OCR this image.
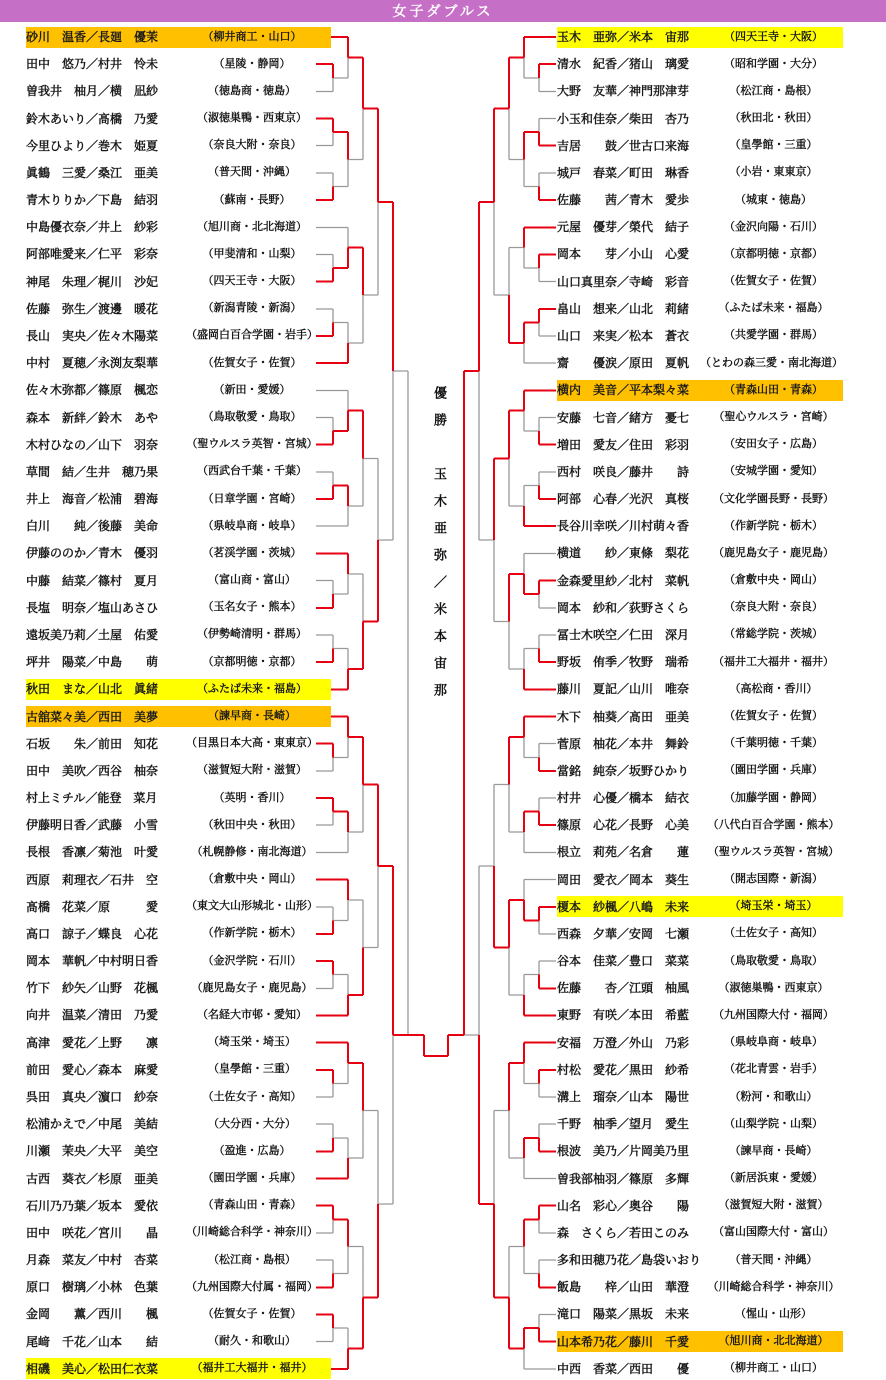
女子ダブルス
砂川　温香／長廻　優茉	（柳井商工・山口）
田中　悠乃／村井　怜未	（星陵・静岡）
曽我井　柚月／横　凪紗	（徳島商・徳島）
鈴木あいり／髙橋　乃愛	（淑徳巣鴨・西東京）
今里ひより／巻木　姫夏	（奈良大附・奈良）
眞鶴　三愛／桑江　亜美	（普天間・沖縄）
青木りりか／下島　結羽	（蘇南・長野）
中島優衣奈／井上　紗彩	（旭川商・北北海道）
阿部唯愛来／仁平　彩奈	（甲斐清和・山梨）
神尾　朱理／梶川　沙妃	（四天王寺・大阪）
佐藤　弥生／渡邊　暖花	（新潟青陵・新潟）
長山　実央／佐々木陽菜	（盛岡白百合学園・岩手）
中村　夏穂／永渕友梨華	（佐賀女子・佐賀）
佐々木弥都／篠原　楓恋	（新田・愛媛）
森本　新絆／鈴木　あや	（鳥取敬愛・鳥取）
木村ひなの／山下　羽奈	（聖ウルスラ英智・宮城）
草間　結／生井　穂乃果	（西武台千葉・千葉）
井上　海音／松浦　碧海	（日章学園・宮崎）
白川　　純／後藤　美命	（県岐阜商・岐阜）
伊藤ののか／青木　優羽	（茗渓学園・茨城）
中藤　結菜／篠村　夏月	（富山商・富山）
長塩　明奈／塩山あさひ	（玉名女子・熊本）
遠坂美乃莉／土屋　佑愛	（伊勢崎清明・群馬）
坪井　陽菜／中島　　萌	（京都明徳・京都）
秋田　まな／山北　眞緒	（ふたば未来・福島）
古舘菜々美／西田　美夢	（諫早商・長崎）
石坂　　朱／前田　知花	（目黒日本大高・東東京）
田中　美吹／西谷　柚奈	（滋賀短大附・滋賀）
村上ミチル／能登　菜月	（英明・香川）
伊藤明日香／武藤　小雪	（秋田中央・秋田）
長根　香凛／菊池　叶愛	（札幌静修・南北海道）
西原　莉理衣／石井　空	（倉敷中央・岡山）
髙橋　花菜／原　　　愛	（東文大山形城北・山形）
高口　諒子／蝶良　心花	（作新学院・栃木）
岡本　華帆／中村明日香	（金沢学院・石川）
竹下　紗矢／山野　花楓	（鹿児島女子・鹿児島）
向井　温菜／清田　乃愛	（名経大市邨・愛知）
高津　愛花／上野　　凛	（埼玉栄・埼玉）
前田　愛心／森本　麻愛	（皇學館・三重）
呉田　真央／濵口　紗奈	（土佐女子・高知）
松浦かえで／中尾　美結	（大分西・大分）
川瀬　茉央／大平　美空	（盈進・広島）
古西　葵衣／杉原　亜美	（園田学園・兵庫）
石川乃乃葉／坂本　愛依	（青森山田・青森）
田中　咲花／宮川　　晶	（川崎総合科学・神奈川）
月森　菜友／中村　杏菜	（松江商・島根）
原口　樹璃／小林　色葉	（九州国際大付属・福岡）
金岡　　薫／西川　　楓	（佐賀女子・佐賀）
尾﨑　千花／山本　　結	（耐久・和歌山）
相磯　美心／松田仁衣菜	（福井工大福井・福井）
玉木　亜弥／米本　宙那	（四天王寺・大阪）
清水　紀香／猪山　璃愛	（昭和学園・大分）
大野　友華／神門那津芽	（松江商・島根）
小玉和佳奈／柴田　杏乃	（秋田北・秋田）
吉居　　鼓／世古口来海	（皇學館・三重）
城戸　春菜／町田　琳香	（小岩・東東京）
佐藤　　茜／青木　愛歩	（城東・徳島）
元屋　優芽／榮代　結子	（金沢向陽・石川）
岡本　　芽／小山　心愛	（京都明徳・京都）
山口真里奈／寺崎　彩音	（佐賀女子・佐賀）
畠山　想来／山北　莉緒	（ふたば未来・福島）
山口　来実／松本　蒼衣	（共愛学園・群馬）
齋　　優涙／原田　夏帆 （とわの森三愛・南北海道）
横内　美音／平本梨々菜	（青森山田・青森）
安藤　七音／緒方　憂七	（聖心ウルスラ・宮崎）
増田　愛友／住田　彩羽	（安田女子・広島）
西村　咲良／藤井　　詩	（安城学園・愛知）
阿部　心春／光沢　真桜	（文化学園長野・長野）
長谷川幸咲／川村萌々香	（作新学院・栃木）
横道　　紗／東條　梨花	（鹿児島女子・鹿児島）
金森愛里紗／北村　菜帆	（倉敷中央・岡山）
岡本　紗和／荻野さくら	（奈良大附・奈良）
冨士木咲空／仁田　深月	（常総学院・茨城）
野坂　侑季／牧野　瑞希	（福井工大福井・福井）
藤川　夏記／山川　唯奈	（高松商・香川）
木下　柚葵／髙田　亜美	（佐賀女子・佐賀）
菅原　柚花／本井　舞鈴	（千葉明徳・千葉）
當銘　純奈／坂野ひかり	（園田学園・兵庫）
村井　心優／橋本　結衣	（加藤学園・静岡）
篠原　心花／長野　心美	（八代白百合学園・熊本）
根立　莉苑／名倉　　蓮	（聖ウルスラ英智・宮城）
岡田　愛衣／岡本　葵生	（開志国際・新潟）
榎本　紗楓／八嶋　未来	（埼玉栄・埼玉）
西森　夕華／安岡　七瀬	（土佐女子・高知）
谷本　佳菜／豊口　菜菜	（鳥取敬愛・鳥取）
佐藤　　杏／江頭　柚風	（淑徳巣鴨・西東京）
東野　有咲／本田　希藍	（九州国際大付・福岡）
安福　万澄／外山　乃彩	（県岐阜商・岐阜）
村松　愛花／黒田　紗希	（花北青雲・岩手）
溝上　瑠奈／山本　陽世	（粉河・和歌山）
千野　柚季／望月　愛生	（山梨学院・山梨）
根波　美乃／片岡美乃里	（諫早商・長崎）
曽我部柚羽／篠原　多輝	（新居浜東・愛媛）
山名　彩心／奥谷　　陽	（滋賀短大附・滋賀）
森　さくら／若田このみ	（富山国際大付・富山）
多和田穂乃花／島袋いおり	（普天間・沖縄）
飯島　　梓／山田　華澄	（川崎総合科学・神奈川）
滝口　陽菜／黒坂　未来	（惺山・山形）
山本希乃花／藤川　千愛	（旭川商・北北海道）
中西　香菜／西田　　優	（柳井商工・山口）
優勝　玉木亜弥／米本宙那
